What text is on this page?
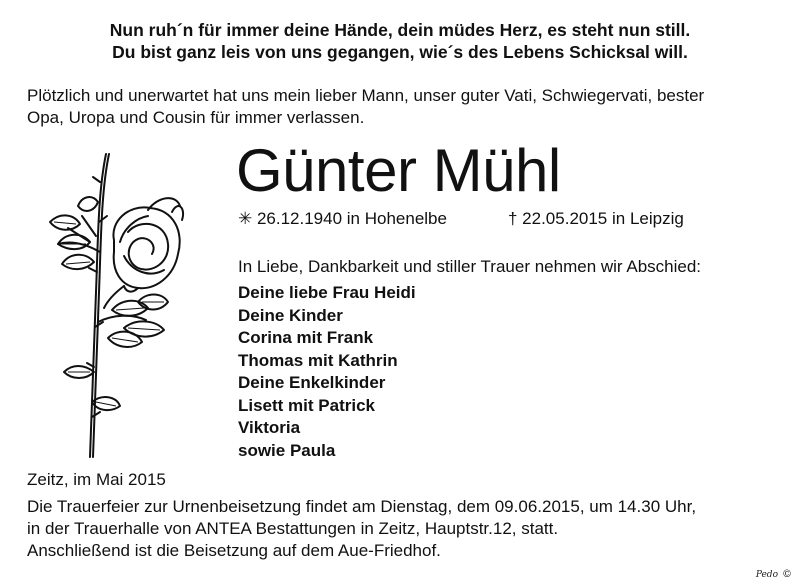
Nun ruh´n für immer deine Hände, dein müdes Herz, es steht nun still.
Du bist ganz leis von uns gegangen, wie´s des Lebens Schicksal will.
Plötzlich und unerwartet hat uns mein lieber Mann, unser guter Vati, Schwiegervati, bester
Opa, Uropa und Cousin für immer verlassen.
Günter Mühl
✳ 26.12.1940 in Hohenelbe	† 22.05.2015 in Leipzig
In Liebe, Dankbarkeit und stiller Trauer nehmen wir Abschied:
Deine liebe Frau Heidi
Deine Kinder
Corina mit Frank
Thomas mit Kathrin
Deine Enkelkinder
Lisett mit Patrick
Viktoria
sowie Paula
Zeitz, im Mai 2015
Die Trauerfeier zur Urnenbeisetzung findet am Dienstag, dem 09.06.2015, um 14.30 Uhr,
in der Trauerhalle von ANTEA Bestattungen in Zeitz, Hauptstr.12, statt.
Anschließend ist die Beisetzung auf dem Aue-Friedhof.
Pedo ©
